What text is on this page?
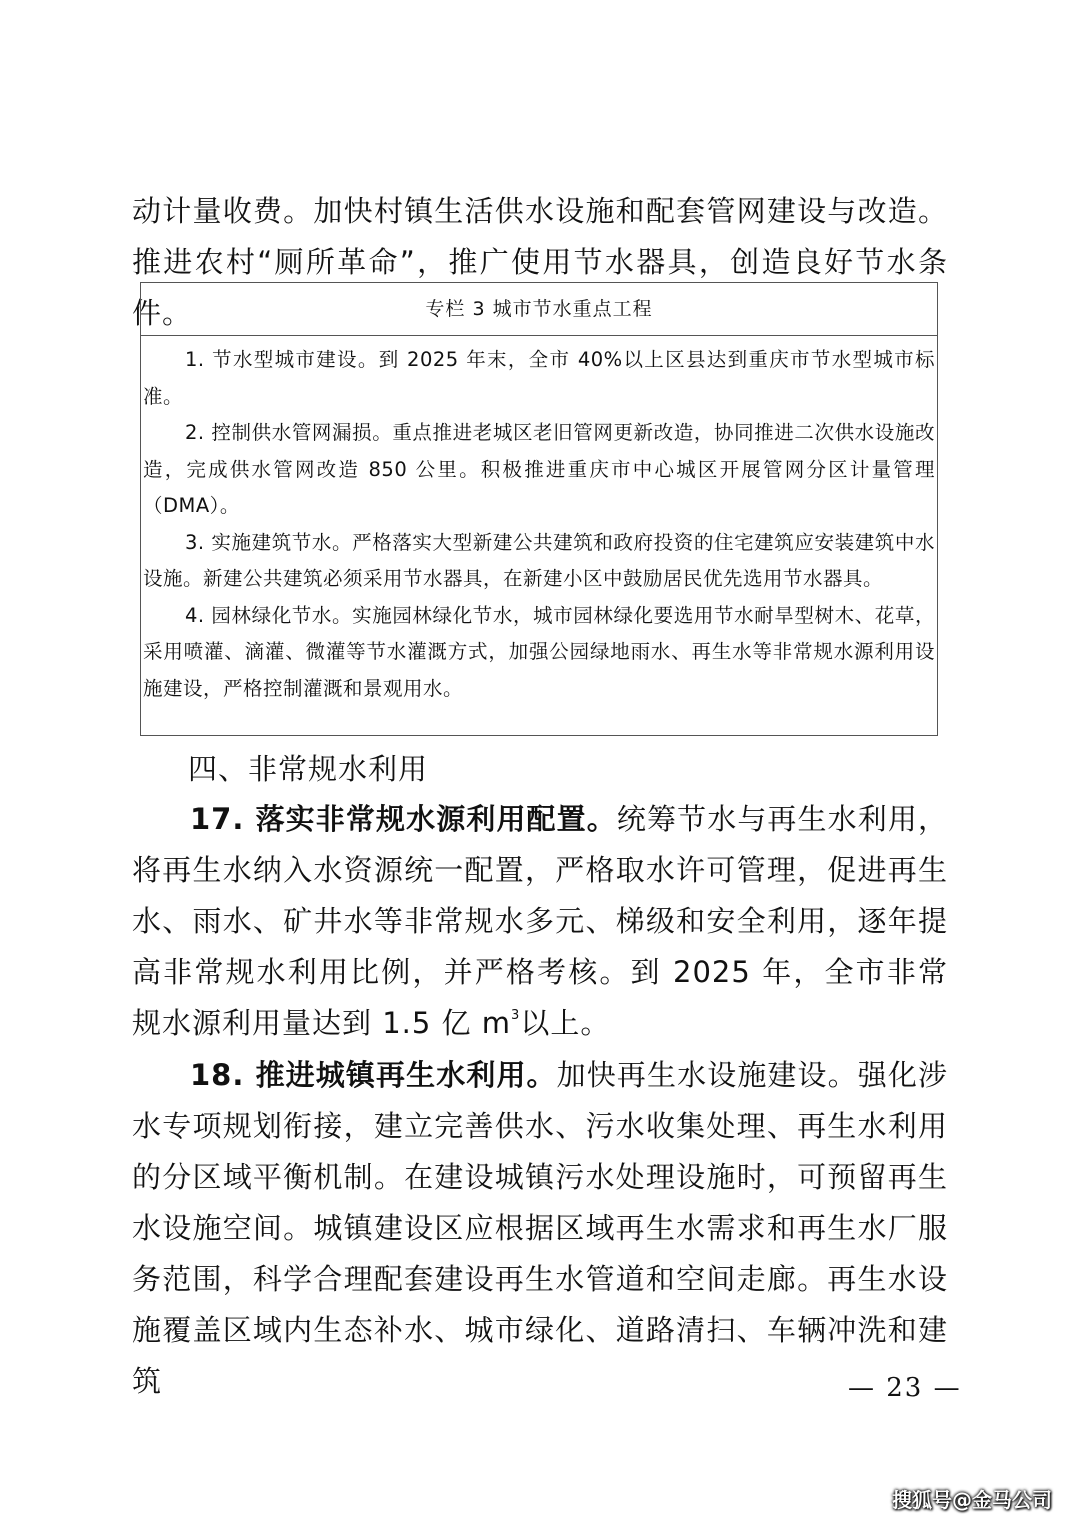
动计量收费。加快村镇生活供水设施和配套管网建设与改造。推进农村“厕所革命”，推广使用节水器具，创造良好节水条件。	专栏 3 城市节水重点工程

1. 节水型城市建设。到 2025 年末，全市 40%以上区县达到重庆市节水型城市标准。

2. 控制供水管网漏损。重点推进老城区老旧管网更新改造，协同推进二次供水设施改造，完成供水管网改造 850 公里。积极推进重庆市中心城区开展管网分区计量管理（DMA）。

3. 实施建筑节水。严格落实大型新建公共建筑和政府投资的住宅建筑应安装建筑中水设施。新建公共建筑必须采用节水器具，在新建小区中鼓励居民优先选用节水器具。

4. 园林绿化节水。实施园林绿化节水，城市园林绿化要选用节水耐旱型树木、花草，采用喷灌、滴灌、微灌等节水灌溉方式，加强公园绿地雨水、再生水等非常规水源利用设施建设，严格控制灌溉和景观用水。

四、非常规水利用

17. 落实非常规水源利用配置。统筹节水与再生水利用，将再生水纳入水资源统一配置，严格取水许可管理，促进再生水、雨水、矿井水等非常规水多元、梯级和安全利用，逐年提高非常规水利用比例，并严格考核。到 2025 年，全市非常规水源利用量达到 1.5 亿 $m^3$以上。

18. 推进城镇再生水利用。加快再生水设施建设。强化涉水专项规划衔接，建立完善供水、污水收集处理、再生水利用的分区域平衡机制。在建设城镇污水处理设施时，可预留再生水设施空间。城镇建设区应根据区域再生水需求和再生水厂服务范围，科学合理配套建设再生水管道和空间走廊。再生水设施覆盖区域内生态补水、城市绿化、道路清扫、车辆冲洗和建筑	— 23 —
搜狐号@金马公司
